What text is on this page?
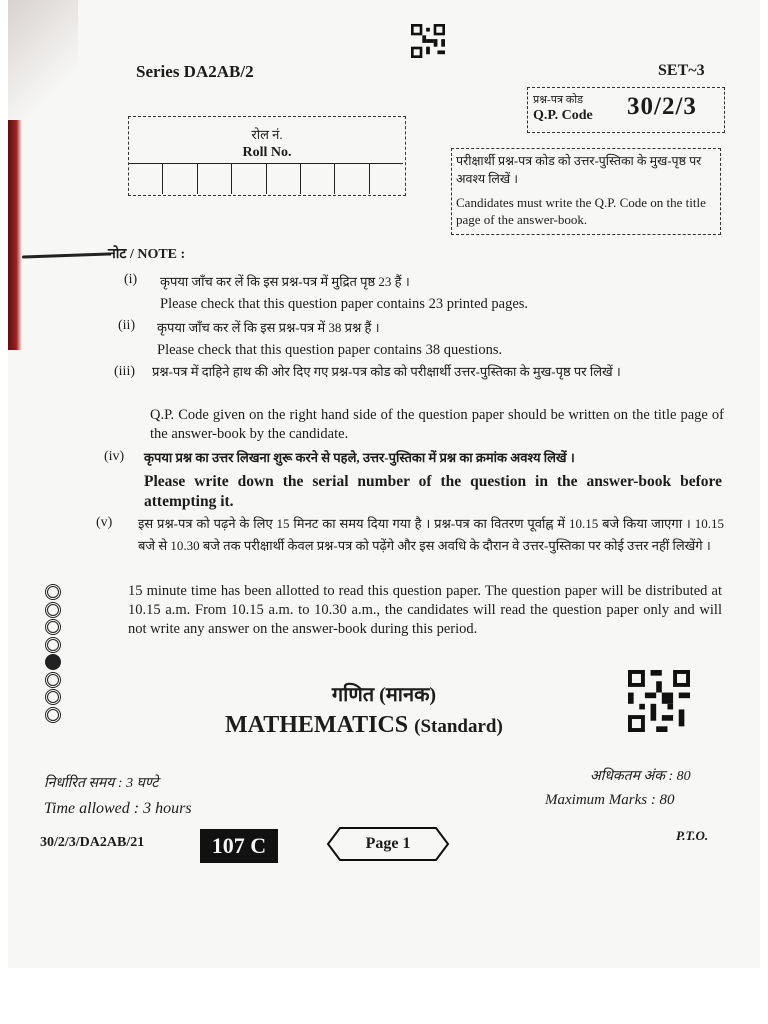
Series DA2AB/2	SET~3
प्रश्न-पत्र कोड
Q.P. Code 30/2/3
रोल नं.
Roll No.
परीक्षार्थी प्रश्न-पत्र कोड को उत्तर-पुस्तिका के मुख-पृष्ठ पर अवश्य लिखें ।
Candidates must write the Q.P. Code on the title page of the answer-book.
नोट / NOTE :
(i) कृपया जाँच कर लें कि इस प्रश्न-पत्र में मुद्रित पृष्ठ 23 हैं ।
Please check that this question paper contains 23 printed pages.
(ii) कृपया जाँच कर लें कि इस प्रश्न-पत्र में 38 प्रश्न हैं ।
Please check that this question paper contains 38 questions.
(iii) प्रश्न-पत्र में दाहिने हाथ की ओर दिए गए प्रश्न-पत्र कोड को परीक्षार्थी उत्तर-पुस्तिका के मुख-पृष्ठ पर लिखें ।
Q.P. Code given on the right hand side of the question paper should be written on the title page of the answer-book by the candidate.
(iv) कृपया प्रश्न का उत्तर लिखना शुरू करने से पहले, उत्तर-पुस्तिका में प्रश्न का क्रमांक अवश्य लिखें ।
Please write down the serial number of the question in the answer-book before attempting it.
(v) इस प्रश्न-पत्र को पढ़ने के लिए 15 मिनट का समय दिया गया है । प्रश्न-पत्र का वितरण पूर्वाह्न में 10.15 बजे किया जाएगा । 10.15 बजे से 10.30 बजे तक परीक्षार्थी केवल प्रश्न-पत्र को पढ़ेंगे और इस अवधि के दौरान वे उत्तर-पुस्तिका पर कोई उत्तर नहीं लिखेंगे ।
15 minute time has been allotted to read this question paper. The question paper will be distributed at 10.15 a.m. From 10.15 a.m. to 10.30 a.m., the candidates will read the question paper only and will not write any answer on the answer-book during this period.
गणित (मानक)
MATHEMATICS (Standard)
निर्धारित समय : 3 घण्टे
Time allowed : 3 hours
अधिकतम अंक : 80
Maximum Marks : 80
30/2/3/DA2AB/21	107 C	Page 1	P.T.O.
